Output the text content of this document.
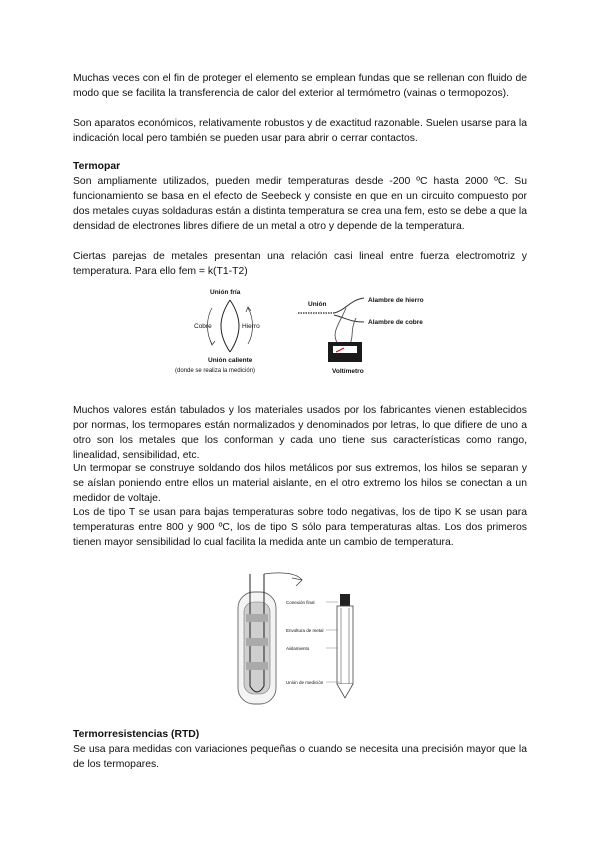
Muchas veces con el fin de proteger el elemento se emplean fundas que se rellenan con fluido de modo que se facilita la transferencia de calor del exterior al termómetro (vainas o termopozos).
Son aparatos económicos, relativamente robustos y de exactitud razonable. Suelen usarse para la indicación local pero también se pueden usar para abrir o cerrar contactos.
Termopar
Son ampliamente utilizados, pueden medir temperaturas desde -200 ºC hasta 2000 ºC. Su funcionamiento se basa en el efecto de Seebeck y consiste en que en un circuito compuesto por dos metales cuyas soldaduras están a distinta temperatura se crea una fem, esto se debe a que la densidad de electrones libres difiere de un metal a otro y depende de la temperatura.
Ciertas parejas de metales presentan una relación casi lineal entre fuerza electromotriz y temperatura. Para ello fem = k(T1-T2)
Unión fría
Cobre	Hierro
Unión caliente
(donde se realiza la medición)
Unión
Alambre de hierro
Alambre de cobre
Voltímetro
Muchos valores están tabulados y los materiales usados por los fabricantes vienen establecidos por normas, los termopares están normalizados y denominados por letras, lo que difiere de uno a otro son los metales que los conforman y cada uno tiene sus características como rango, linealidad, sensibilidad, etc.
Un termopar se construye soldando dos hilos metálicos por sus extremos, los hilos se separan y se aíslan poniendo entre ellos un material aislante, en el otro extremo los hilos se conectan a un medidor de voltaje.
Los de tipo T se usan para bajas temperaturas sobre todo negativas, los de tipo K se usan para temperaturas entre 800 y 900 ºC, los de tipo S sólo para temperaturas altas. Los dos primeros tienen mayor sensibilidad lo cual facilita la medida ante un cambio de temperatura.
Conexión final
Envoltura de metal
Aislamiento
Unión de medición
Termorresistencias (RTD)
Se usa para medidas con variaciones pequeñas o cuando se necesita una precisión mayor que la de los termopares.
